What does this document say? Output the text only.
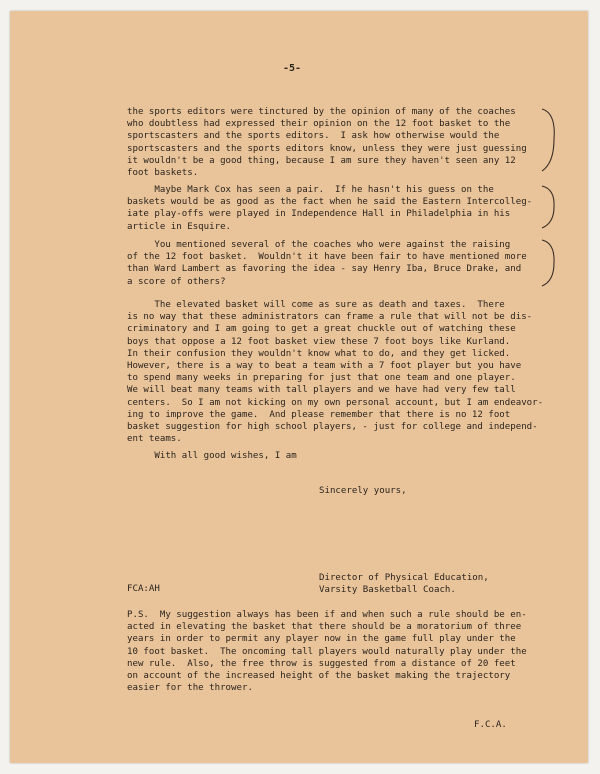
-5-
the sports editors were tinctured by the opinion of many of the coaches
who doubtless had expressed their opinion on the 12 foot basket to the
sportscasters and the sports editors.  I ask how otherwise would the
sportscasters and the sports editors know, unless they were just guessing
it wouldn't be a good thing, because I am sure they haven't seen any 12
foot baskets.
Maybe Mark Cox has seen a pair.  If he hasn't his guess on the
baskets would be as good as the fact when he said the Eastern Intercolleg-
iate play-offs were played in Independence Hall in Philadelphia in his
article in Esquire.
You mentioned several of the coaches who were against the raising
of the 12 foot basket.  Wouldn't it have been fair to have mentioned more
than Ward Lambert as favoring the idea - say Henry Iba, Bruce Drake, and
a score of others?
The elevated basket will come as sure as death and taxes.  There
is no way that these administrators can frame a rule that will not be dis-
criminatory and I am going to get a great chuckle out of watching these
boys that oppose a 12 foot basket view these 7 foot boys like Kurland.
In their confusion they wouldn't know what to do, and they get licked.
However, there is a way to beat a team with a 7 foot player but you have
to spend many weeks in preparing for just that one team and one player.
We will beat many teams with tall players and we have had very few tall
centers.  So I am not kicking on my own personal account, but I am endeavor-
ing to improve the game.  And please remember that there is no 12 foot
basket suggestion for high school players, - just for college and independ-
ent teams.
With all good wishes, I am
Sincerely yours,
Director of Physical Education,
Varsity Basketball Coach.
FCA:AH
P.S.  My suggestion always has been if and when such a rule should be en-
acted in elevating the basket that there should be a moratorium of three
years in order to permit any player now in the game full play under the
10 foot basket.  The oncoming tall players would naturally play under the
new rule.  Also, the free throw is suggested from a distance of 20 feet
on account of the increased height of the basket making the trajectory
easier for the thrower.
F.C.A.
